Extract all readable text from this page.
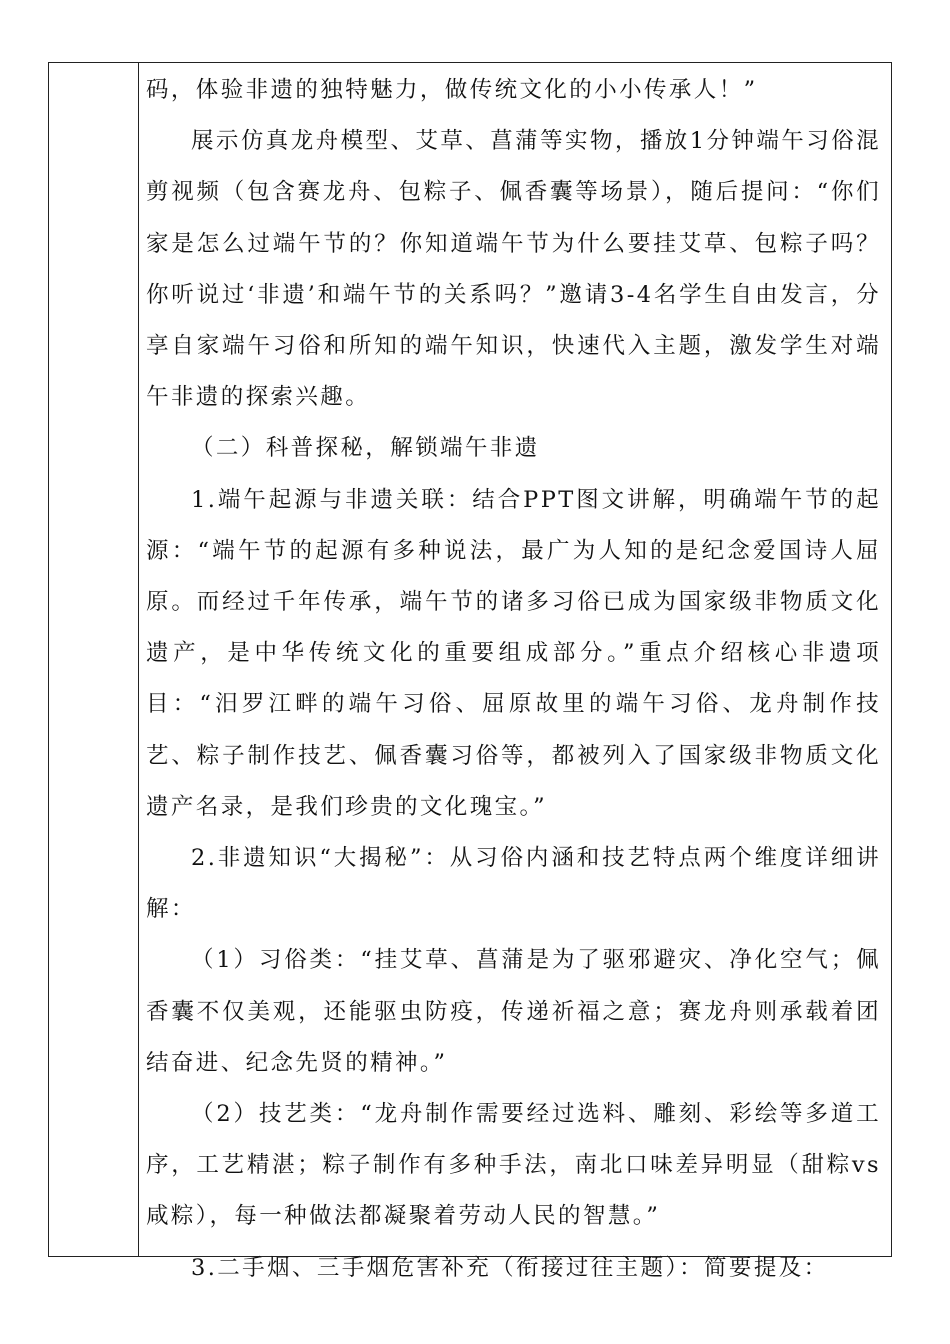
码，体验非遗的独特魅力，做传统文化的小小传承人！”

展示仿真龙舟模型、艾草、菖蒲等实物，播放1分钟端午习俗混剪视频（包含赛龙舟、包粽子、佩香囊等场景），随后提问：“你们家是怎么过端午节的？你知道端午节为什么要挂艾草、包粽子吗？你听说过‘非遗’和端午节的关系吗？”邀请3-4名学生自由发言，分享自家端午习俗和所知的端午知识，快速代入主题，激发学生对端午非遗的探索兴趣。

（二）科普探秘，解锁端午非遗

1.端午起源与非遗关联：结合PPT图文讲解，明确端午节的起源：“端午节的起源有多种说法，最广为人知的是纪念爱国诗人屈原。而经过千年传承，端午节的诸多习俗已成为国家级非物质文化遗产，是中华传统文化的重要组成部分。”重点介绍核心非遗项目：“汨罗江畔的端午习俗、屈原故里的端午习俗、龙舟制作技艺、粽子制作技艺、佩香囊习俗等，都被列入了国家级非物质文化遗产名录，是我们珍贵的文化瑰宝。”

2.非遗知识“大揭秘”：从习俗内涵和技艺特点两个维度详细讲解：

（1）习俗类：“挂艾草、菖蒲是为了驱邪避灾、净化空气；佩香囊不仅美观，还能驱虫防疫，传递祈福之意；赛龙舟则承载着团结奋进、纪念先贤的精神。”

（2）技艺类：“龙舟制作需要经过选料、雕刻、彩绘等多道工序，工艺精湛；粽子制作有多种手法，南北口味差异明显（甜粽vs咸粽），每一种做法都凝聚着劳动人民的智慧。”

3.二手烟、三手烟危害补充（衔接过往主题）：简要提及：
